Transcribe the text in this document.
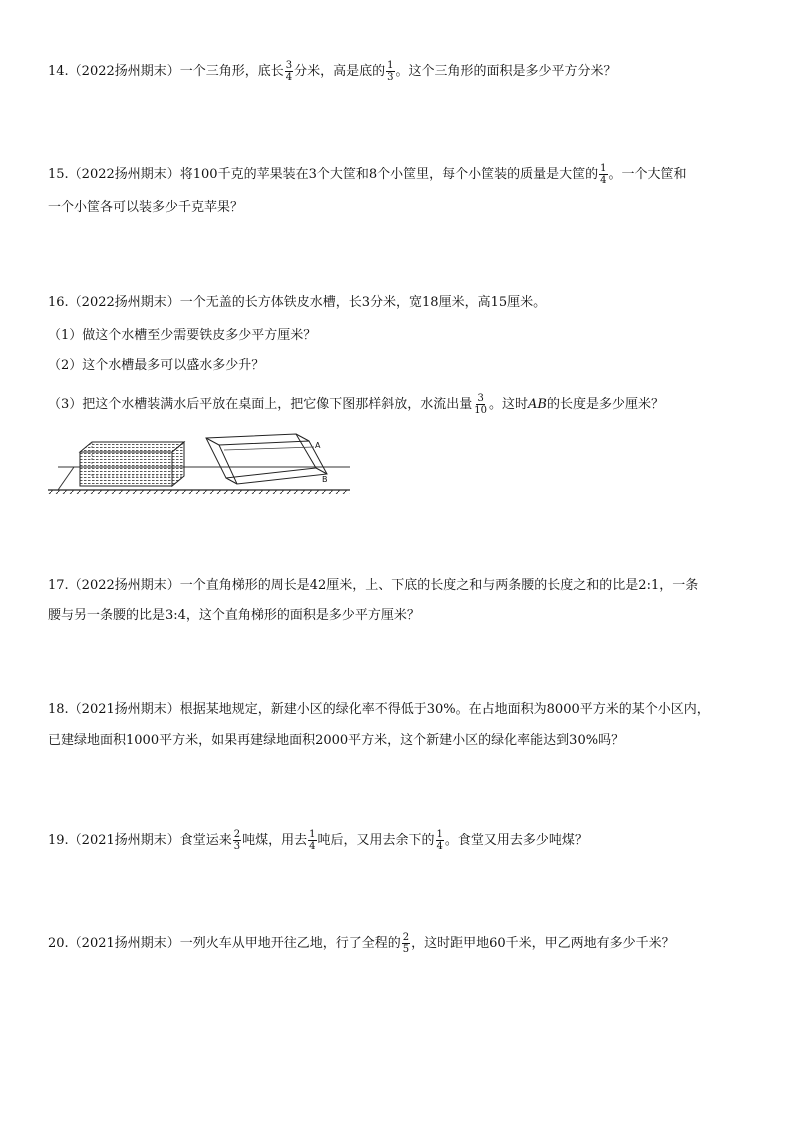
14.（2022扬州期末）一个三角形，底长 $\frac{3}{4}$ 分米，高是底的 $\frac{1}{3}$ 。这个三角形的面积是多少平方分米？
15.（2022扬州期末）将100千克的苹果装在3个大筐和8个小筐里，每个小筐装的质量是大筐的 $\frac{1}{4}$ 。一个大筐和
一个小筐各可以装多少千克苹果？
16.（2022扬州期末）一个无盖的长方体铁皮水槽，长3分米，宽18厘米，高15厘米。
（1）做这个水槽至少需要铁皮多少平方厘米？
（2）这个水槽最多可以盛水多少升？
（3）把这个水槽装满水后平放在桌面上，把它像下图那样斜放，水流出量 $\frac{3}{10}$ 。这时AB的长度是多少厘米？
A
B
17.（2022扬州期末）一个直角梯形的周长是42厘米，上、下底的长度之和与两条腰的长度之和的比是2:1，一条
腰与另一条腰的比是3:4，这个直角梯形的面积是多少平方厘米？
18.（2021扬州期末）根据某地规定，新建小区的绿化率不得低于30%。在占地面积为8000平方米的某个小区内，
已建绿地面积1000平方米，如果再建绿地面积2000平方米，这个新建小区的绿化率能达到30%吗？
19.（2021扬州期末）食堂运来 $\frac{2}{3}$ 吨煤，用去 $\frac{1}{4}$ 吨后，又用去余下的 $\frac{1}{4}$ 。食堂又用去多少吨煤？
20.（2021扬州期末）一列火车从甲地开往乙地，行了全程的 $\frac{2}{5}$ ，这时距甲地60千米，甲乙两地有多少千米？
